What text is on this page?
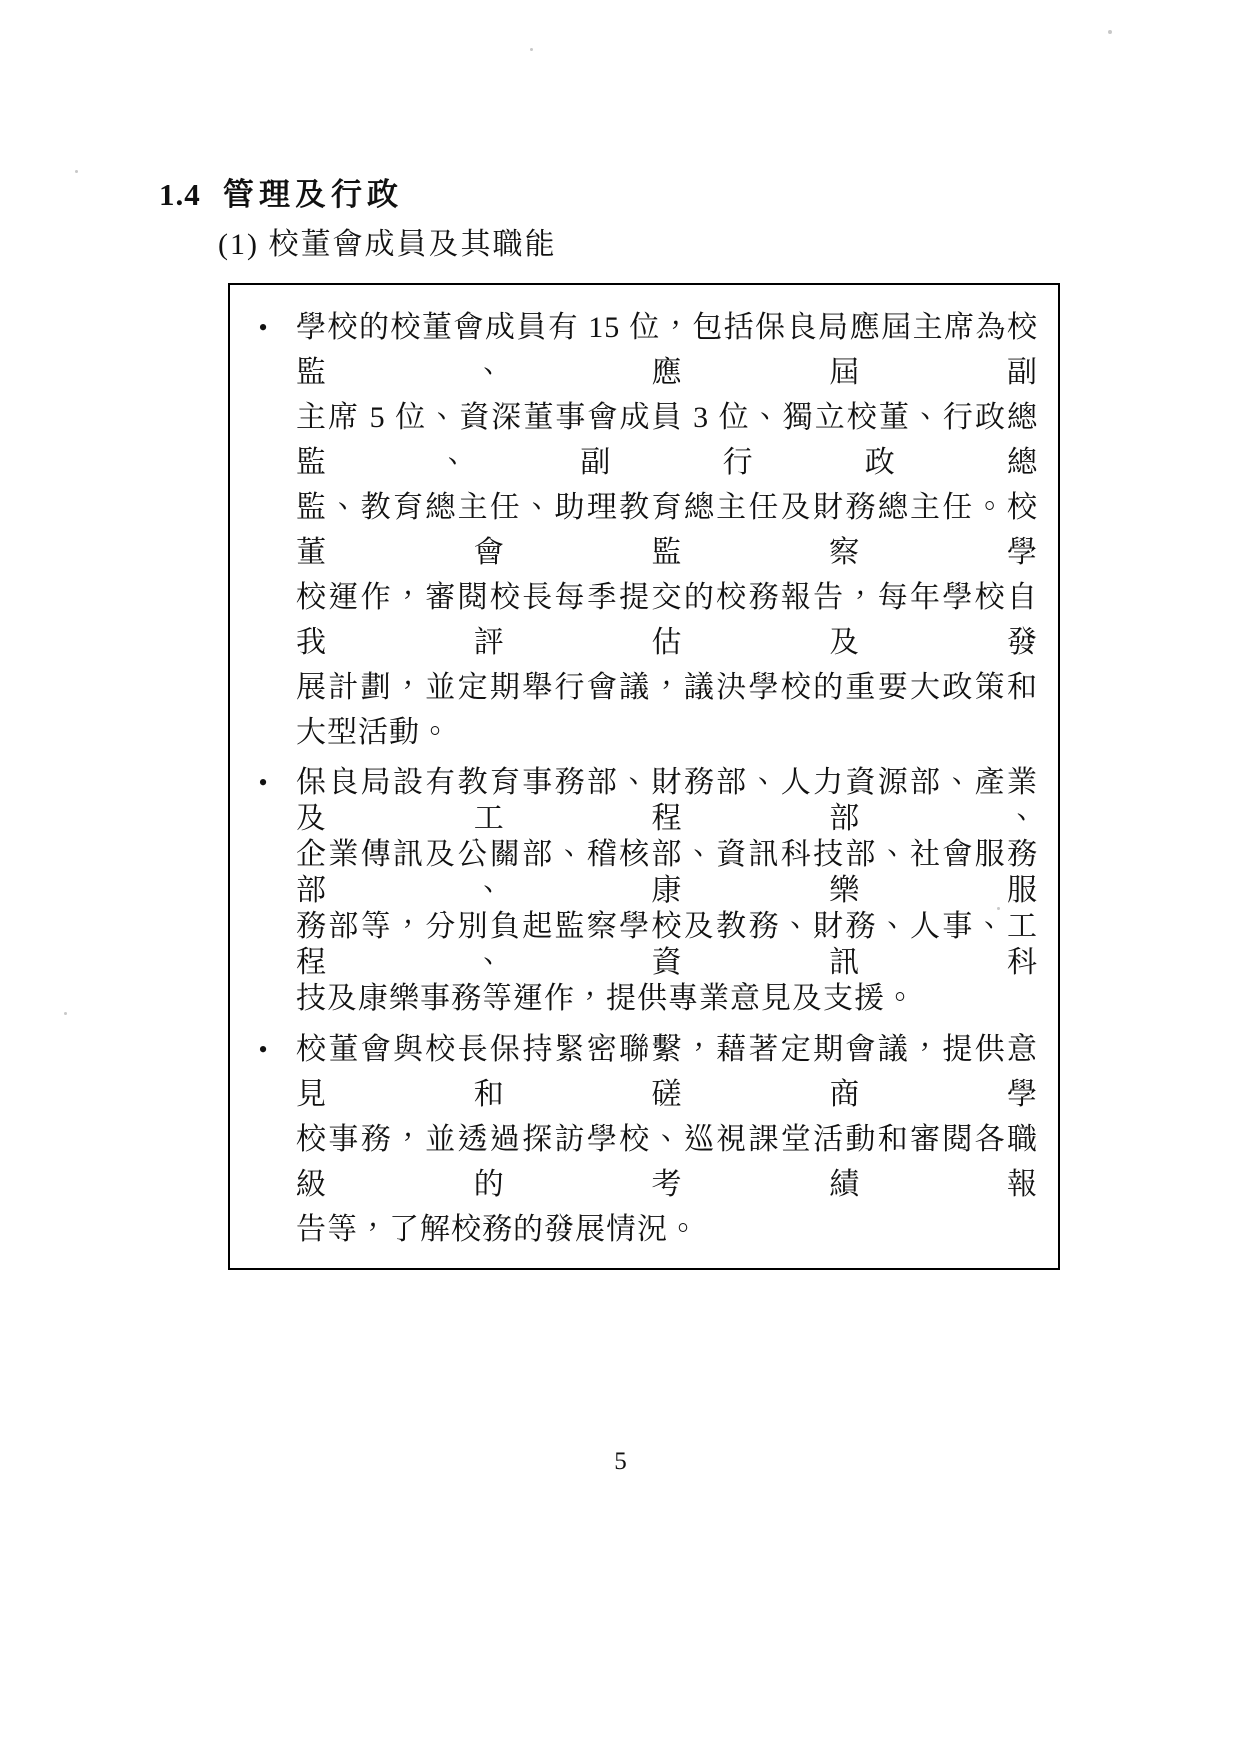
1.4 管理及行政
(1) 校董會成員及其職能
• 學校的校董會成員有 15 位，包括保良局應屆主席為校監、應屆副
主席 5 位、資深董事會成員 3 位、獨立校董、行政總監、副行政總
監、教育總主任、助理教育總主任及財務總主任。校董會監察學
校運作，審閱校長每季提交的校務報告，每年學校自我評估及發
展計劃，並定期舉行會議，議決學校的重要大政策和大型活動。
• 保良局設有教育事務部、財務部、人力資源部、產業及工程部、
企業傳訊及公關部、稽核部、資訊科技部、社會服務部、康樂服
務部等，分別負起監察學校及教務、財務、人事、工程、資訊科
技及康樂事務等運作，提供專業意見及支援。
• 校董會與校長保持緊密聯繫，藉著定期會議，提供意見和磋商學
校事務，並透過探訪學校、巡視課堂活動和審閱各職級的考績報
告等，了解校務的發展情況。
5
